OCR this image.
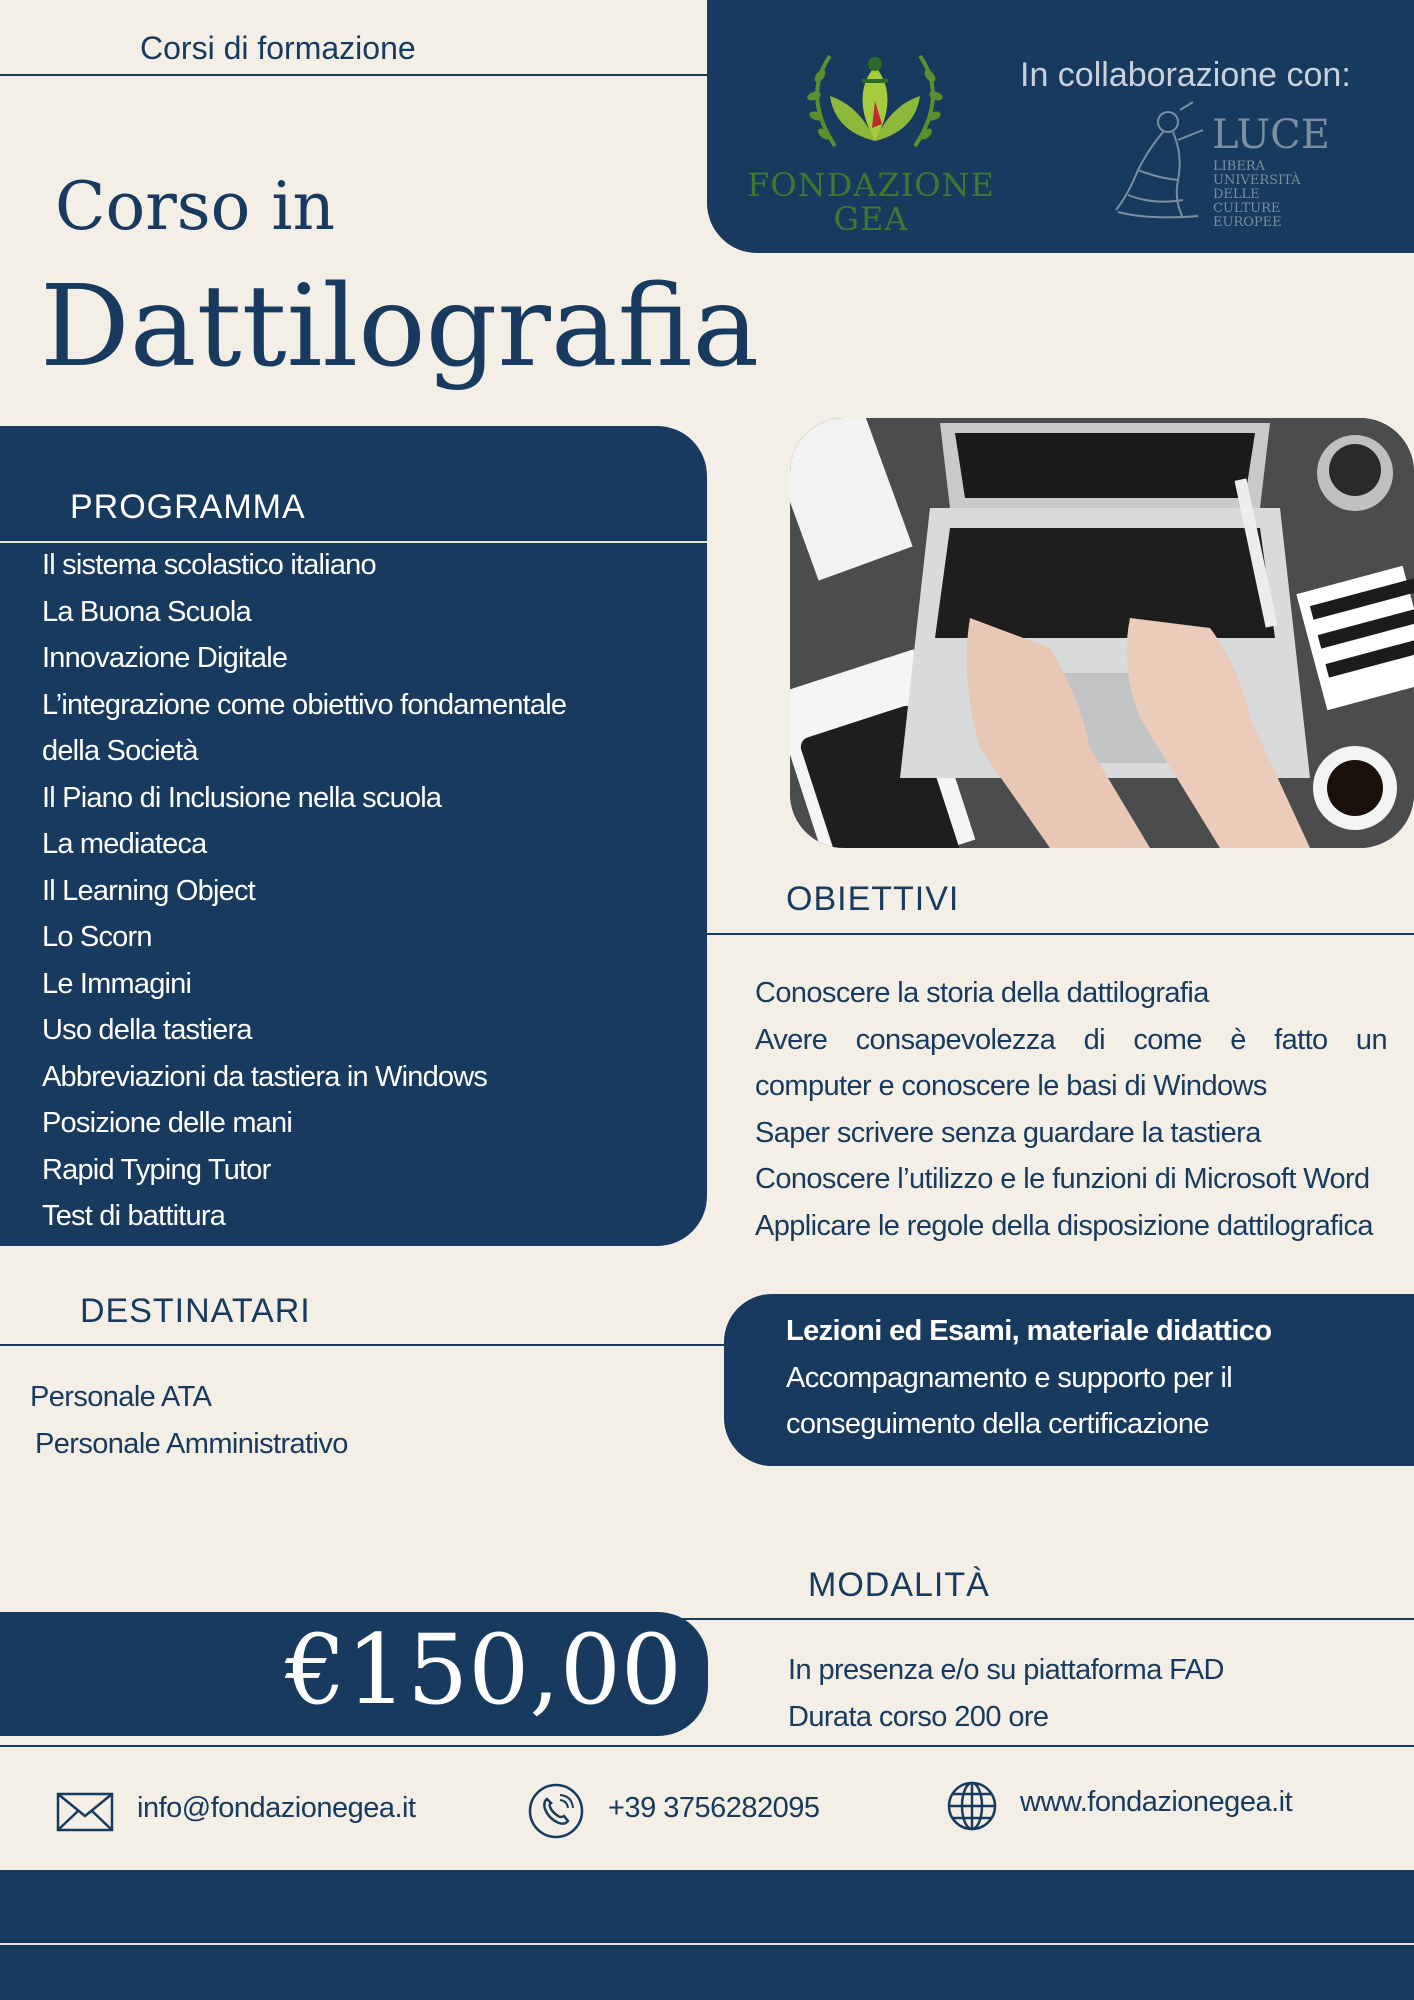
Corsi di formazione
FONDAZIONE GEA
In collaborazione con:
LUCE
LIBERA
UNIVERSITÀ
DELLE
CULTURE
EUROPEE
Corso in
Dattilografia
PROGRAMMA
Il sistema scolastico italiano
La Buona Scuola
Innovazione Digitale
L’integrazione come obiettivo fondamentale
della Società
Il Piano di Inclusione nella scuola
La mediateca
Il Learning Object
Lo Scorn
Le Immagini
Uso della tastiera
Abbreviazioni da tastiera in Windows
Posizione delle mani
Rapid Typing Tutor
Test di battitura
OBIETTIVI
Conoscere la storia della dattilografia
Avere consapevolezza di come è fatto un
computer e conoscere le basi di Windows
Saper scrivere senza guardare la tastiera
Conoscere l’utilizzo e le funzioni di Microsoft Word
Applicare le regole della disposizione dattilografica
DESTINATARI
Personale ATA
Personale Amministrativo
Lezioni ed Esami, materiale didattico
Accompagnamento e supporto per il
conseguimento della certificazione
MODALITÀ
€150,00	In presenza e/o su piattaforma FAD
Durata corso 200 ore
info@fondazionegea.it	+39 3756282095	www.fondazionegea.it
